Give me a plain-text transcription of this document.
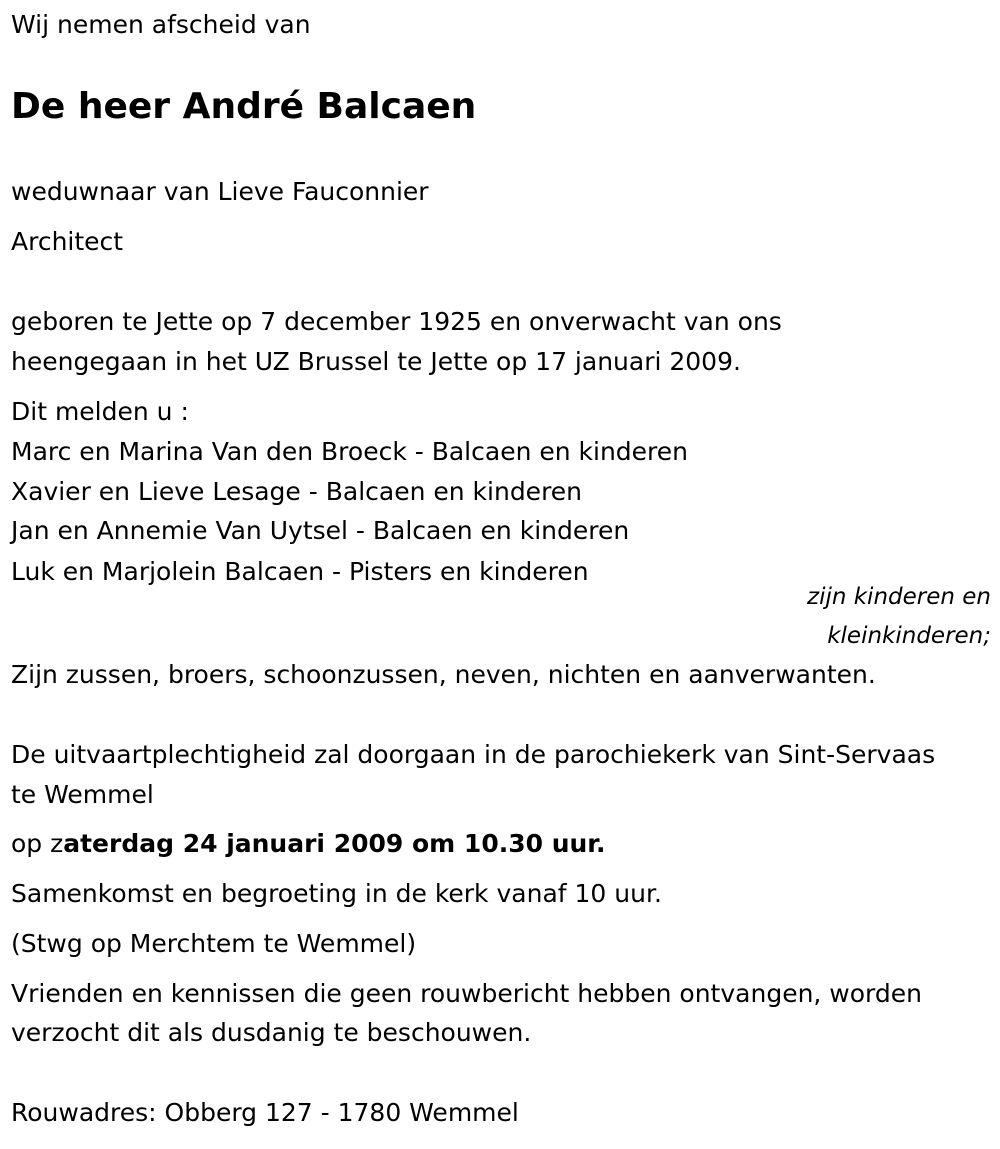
Wij nemen afscheid van
De heer André Balcaen
weduwnaar van Lieve Fauconnier
Architect
geboren te Jette op 7 december 1925 en onverwacht van ons
heengegaan in het UZ Brussel te Jette op 17 januari 2009.
Dit melden u :
Marc en Marina Van den Broeck - Balcaen en kinderen
Xavier en Lieve Lesage - Balcaen en kinderen
Jan en Annemie Van Uytsel - Balcaen en kinderen
Luk en Marjolein Balcaen - Pisters en kinderen
zijn kinderen en
kleinkinderen;
Zijn zussen, broers, schoonzussen, neven, nichten en aanverwanten.
De uitvaartplechtigheid zal doorgaan in de parochiekerk van Sint-Servaas
te Wemmel
op zaterdag 24 januari 2009 om 10.30 uur.
Samenkomst en begroeting in de kerk vanaf 10 uur.
(Stwg op Merchtem te Wemmel)
Vrienden en kennissen die geen rouwbericht hebben ontvangen, worden
verzocht dit als dusdanig te beschouwen.
Rouwadres: Obberg 127 - 1780 Wemmel
